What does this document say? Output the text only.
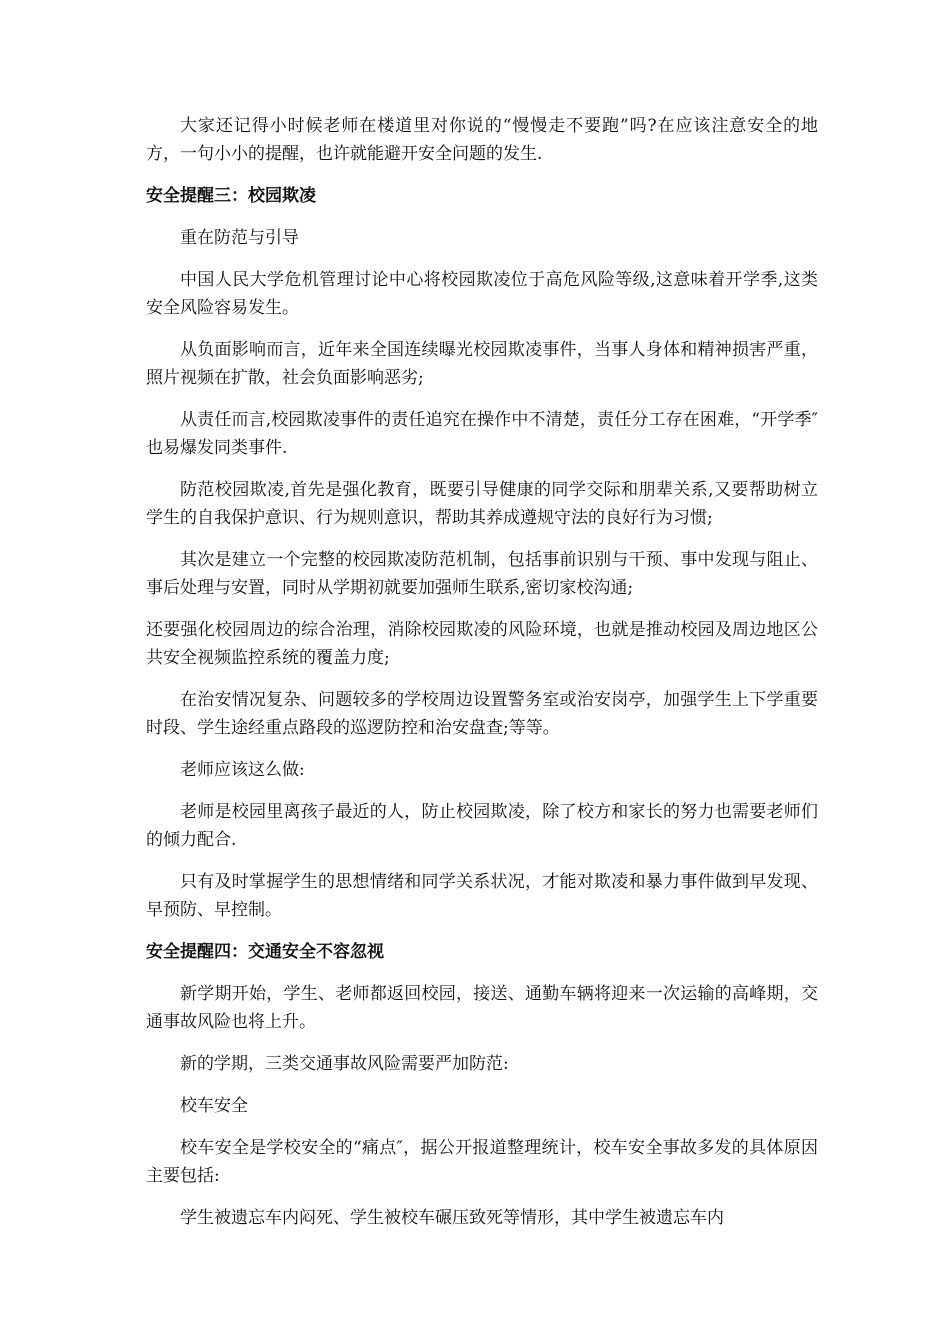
大家还记得小时候老师在楼道里对你说的“慢慢走不要跑”吗?在应该注意安全的地方，一句小小的提醒，也许就能避开安全问题的发生.

安全提醒三：校园欺凌

重在防范与引导

中国人民大学危机管理讨论中心将校园欺凌位于高危风险等级,这意味着开学季,这类安全风险容易发生。

从负面影响而言，近年来全国连续曝光校园欺凌事件，当事人身体和精神损害严重，照片视频在扩散，社会负面影响恶劣;

从责任而言,校园欺凌事件的责任追究在操作中不清楚，责任分工存在困难，“开学季″也易爆发同类事件.

防范校园欺凌,首先是强化教育，既要引导健康的同学交际和朋辈关系,又要帮助树立学生的自我保护意识、行为规则意识，帮助其养成遵规守法的良好行为习惯;

其次是建立一个完整的校园欺凌防范机制，包括事前识别与干预、事中发现与阻止、事后处理与安置，同时从学期初就要加强师生联系,密切家校沟通;

还要强化校园周边的综合治理，消除校园欺凌的风险环境，也就是推动校园及周边地区公共安全视频监控系统的覆盖力度;

在治安情况复杂、问题较多的学校周边设置警务室或治安岗亭，加强学生上下学重要时段、学生途经重点路段的巡逻防控和治安盘查;等等。

老师应该这么做:

老师是校园里离孩子最近的人，防止校园欺凌，除了校方和家长的努力也需要老师们的倾力配合.

只有及时掌握学生的思想情绪和同学关系状况，才能对欺凌和暴力事件做到早发现、早预防、早控制。

安全提醒四：交通安全不容忽视

新学期开始，学生、老师都返回校园，接送、通勤车辆将迎来一次运输的高峰期，交通事故风险也将上升。

新的学期，三类交通事故风险需要严加防范:

校车安全

校车安全是学校安全的“痛点″，据公开报道整理统计，校车安全事故多发的具体原因主要包括:

学生被遗忘车内闷死、学生被校车碾压致死等情形，其中学生被遗忘车内
